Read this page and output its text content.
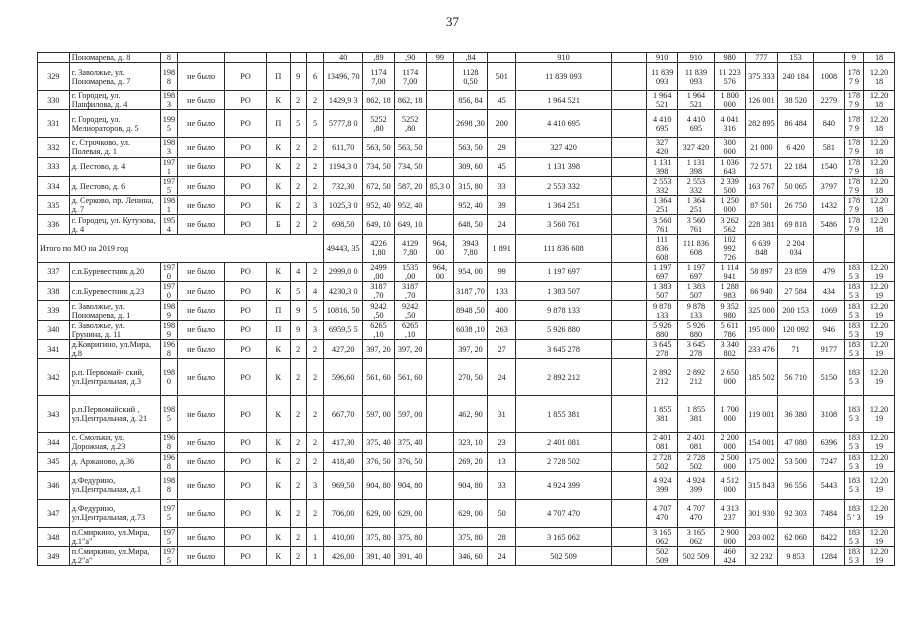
37
	Пономарева, д. 8	8						40	,89	,90	99	,84		910		910	910	980	777	153		9	18
329	г. Заволжье, ул. Пономарева, д. 7	198 8	не было	РО	П	9	6	13496, 70	1174 7,00	1174 7,00		1128 0,50	501	11 839 093		11 839 093	11 839 093	11 223 576	375 333	240 184	1008	1787 9	12.20 18
330	г. Городец, ул. Панфилова, д. 4	198 3	не было	РО	К	2	2	1429,9 3	862, 18	862, 18		856, 84	45	1 964 521		1 964 521	1 964 521	1 800 000	126 001	38 520	2279	1787 9	12.20 18
331	г. Городец, ул. Мелиораторов, д. 5	199 5	не было	РО	П	5	5	5777,8 0	5252 ,80	5252 ,80		2698 ,30	200	4 410 695		4 410 695	4 410 695	4 041 316	282 895	86 484	840	1787 9	12.20 18
332	с. Строчково, ул. Полевая, д. 1	198 3	не было	РО	К	2	2	611,70	563, 50	563, 50		563, 50	29	327 420		327 420	327 420	300 000	21 000	6 420	581	1787 9	12.20 18
333	д. Пестово, д. 4	197 1	не было	РО	К	2	2	1194,3 0	734, 50	734, 50		309, 60	45	1 131 398		1 131 398	1 131 398	1 036 643	72 571	22 184	1540	1787 9	12.20 18
334	д. Пестово, д. 6	197 5	не было	РО	К	2	2	732,30	672, 50	587, 20	85,3 0	315, 80	33	2 553 332		2 553 332	2 553 332	2 339 500	163 767	50 065	3797	1787 9	12.20 18
335	д. Серково, пр. Ленина, д. 7	198 1	не было	РО	К	2	3	1025,3 0	952, 40	952, 40		952, 40	39	1 364 251		1 364 251	1 364 251	1 250 000	87 501	26 750	1432	1787 9	12.20 18
336	г. Городец, ул. Кутузова, д. 4	195 4	не было	РО	Б	2	2	698,50	649, 10	649, 10		648, 50	24	3 560 761		3 560 761	3 560 761	3 262 562	228 381	69 818	5486	1787 9	12.20 18
Итого по МО на 2019 год								49443, 35	4226 1,80	4129 7,80	964, 00	3943 7,80	1 891	111 836 608		111 836 608	111 836 608	102 992 726	6 639 848	2 204 034			
337	с.п.Буревестник д.20	197 0	не было	РО	К	4	2	2999,0 0	2499 ,00	1535 ,00	964, 00	954, 00	99	1 197 697		1 197 697	1 197 697	1 114 941	58 897	23 859	479	1835 3	12.20 19
338	с.п.Буревестник д.23	197 0	не было	РО	К	5	4	4230,3 0	3187 ,70	3187 ,70		3187 ,70	133	1 383 507		1 383 507	1 383 507	1 288 983	66 940	27 584	434	1835 3	12.20 19
339	г. Заволжье, ул. Пономарева, д. 1	198 9	не было	РО	П	9	5	10816, 50	9242 ,50	9242 ,50		8948 ,50	400	9 878 133		9 878 133	9 878 133	9 352 980	325 000	200 153	1069	1835 3	12.20 19
340	г. Заволжье, ул. Грунина, д. 11	198 9	не было	РО	П	9	3	6959,5 5	6265 ,10	6265 ,10		6038 ,10	263	5 926 880		5 926 880	5 926 880	5 611 786	195 000	120 092	946	1835 3	12.20 19
341	д.Ковригино, ул.Мира, д.8	196 8	не было	РО	К	2	2	427,20	397, 20	397, 20		397, 20	27	3 645 278		3 645 278	3 645 278	3 340 802	233 476	71	9177	1835 3	12.20 19
342	р.п. Первомай- ский, ул.Центральная, д.3	198 0	не было	РО	К	2	2	596,60	561, 60	561, 60		270, 50	24	2 892 212		2 892 212	2 892 212	2 650 000	185 502	56 710	5150	1835 3	12.20 19
343	р.п.Первомайский , ул.Центральная, д. 21	198 5	не было	РО	К	2	2	667,70	597, 00	597, 00		462, 90	31	1 855 381		1 855 381	1 855 381	1 700 000	119 001	36 380	3108	1835 3	12.20 19
344	с. Смольки, ул. Дорожная, д.23	196 8	не было	РО	К	2	2	417,30	375, 40	375, 40		323, 10	23	2 401 081		2 401 081	2 401 081	2 200 000	154 001	47 080	6396	1835 3	12.20 19
345	д. Аржаново, д.36	196 8	не было	РО	К	2	2	418,40	376, 50	376, 50		269, 20	13	2 728 502		2 728 502	2 728 502	2 500 000	175 002	53 500	7247	1835 3	12.20 19
346	д.Федурино, ул.Центральная, д.1	198 8	не было	РО	К	2	3	969,50	904, 80	904, 80		904, 80	33	4 924 399		4 924 399	4 924 399	4 512 000	315 843	96 556	5443	1835 3	12.20 19
347	д.Федурино, ул.Центральная, д.73	197 5	не было	РО	К	2	2	706,00	629, 00	629, 00		629, 00	50	4 707 470		4 707 470	4 707 470	4 313 237	301 930	92 303	7484	1835 ' 3	12.20 19
348	п.Смиркино, ул.Мира, д.1"а"	197 5	не было	РО	К	2	1	410,00	375, 80	375, 80		375, 80	28	3 165 062		3 165 062	3 165 062	2 900 000	203 002	62 060	8422	1835 3	12.20 19
349	п.Смиркино, ул.Мира, д.2"а"	197 5	не было	РО	К	2	1	426,00	391, 40	391, 40		346, 60	24	502 509		502 509	502 509	460 424	32 232	9 853	1284	1835 3	12.20 19
